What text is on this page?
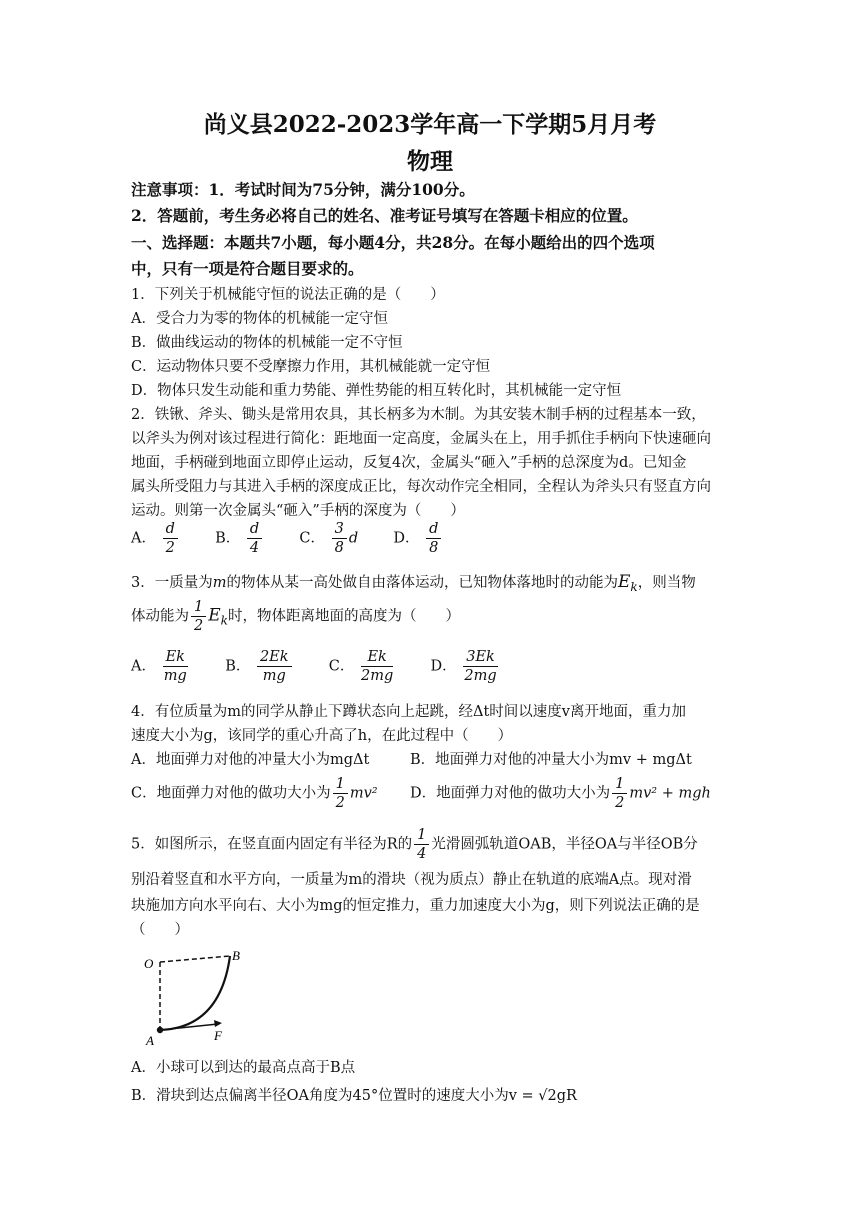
尚义县2022-2023学年高一下学期5月月考
物理
注意事项：1．考试时间为75分钟，满分100分。
2．答题前，考生务必将自己的姓名、准考证号填写在答题卡相应的位置。
一、选择题：本题共7小题，每小题4分，共28分。在每小题给出的四个选项
中，只有一项是符合题目要求的。
1．下列关于机械能守恒的说法正确的是（　　）
A．受合力为零的物体的机械能一定守恒
B．做曲线运动的物体的机械能一定不守恒
C．运动物体只要不受摩擦力作用，其机械能就一定守恒
D．物体只发生动能和重力势能、弹性势能的相互转化时，其机械能一定守恒
2．铁锹、斧头、锄头是常用农具，其长柄多为木制。为其安装木制手柄的过程基本一致，
以斧头为例对该过程进行简化：距地面一定高度，金属头在上，用手抓住手柄向下快速砸向
地面，手柄碰到地面立即停止运动，反复4次，金属头“砸入”手柄的总深度为d。已知金
属头所受阻力与其进入手柄的深度成正比，每次动作完全相同，全程认为斧头只有竖直方向
运动。则第一次金属头“砸入”手柄的深度为（　　）
A． $\frac{d}{2}$	B． $\frac{d}{4}$	C． $\frac{3}{8}$ d D． $\frac{d}{8}$
3．一质量为m的物体从某一高处做自由落体运动，已知物体落地时的动能为$E_k$，则当物
体动能为 $\frac{1}{2} E_k$时，物体距离地面的高度为（　　）
A． $\frac{Ek}{mg}$	B． $\frac{2Ek}{mg}$	C． $\frac{Ek}{2mg}$	D． $\frac{3Ek}{2mg}$
4．有位质量为m的同学从静止下蹲状态向上起跳，经Δt时间以速度v离开地面，重力加
速度大小为g，该同学的重心升高了h，在此过程中（　　）
A．地面弹力对他的冲量大小为mgΔt	B．地面弹力对他的冲量大小为mv + mgΔt
C．地面弹力对他的做功大小为 $\frac{1}{2} mv^2$ D．地面弹力对他的做功大小为 $\frac{1}{2} mv^2$ + mgh
5．如图所示，在竖直面内固定有半径为R的 $\frac{1}{4}$ 光滑圆弧轨道OAB，半径OA与半径OB分
别沿着竖直和水平方向，一质量为m的滑块（视为质点）静止在轨道的底端A点。现对滑
块施加方向水平向右、大小为mg的恒定推力，重力加速度大小为g，则下列说法正确的是
（　　）
O
B
A	F
A．小球可以到达的最高点高于B点
B．滑块到达点偏离半径OA角度为45°位置时的速度大小为v = √2gR
